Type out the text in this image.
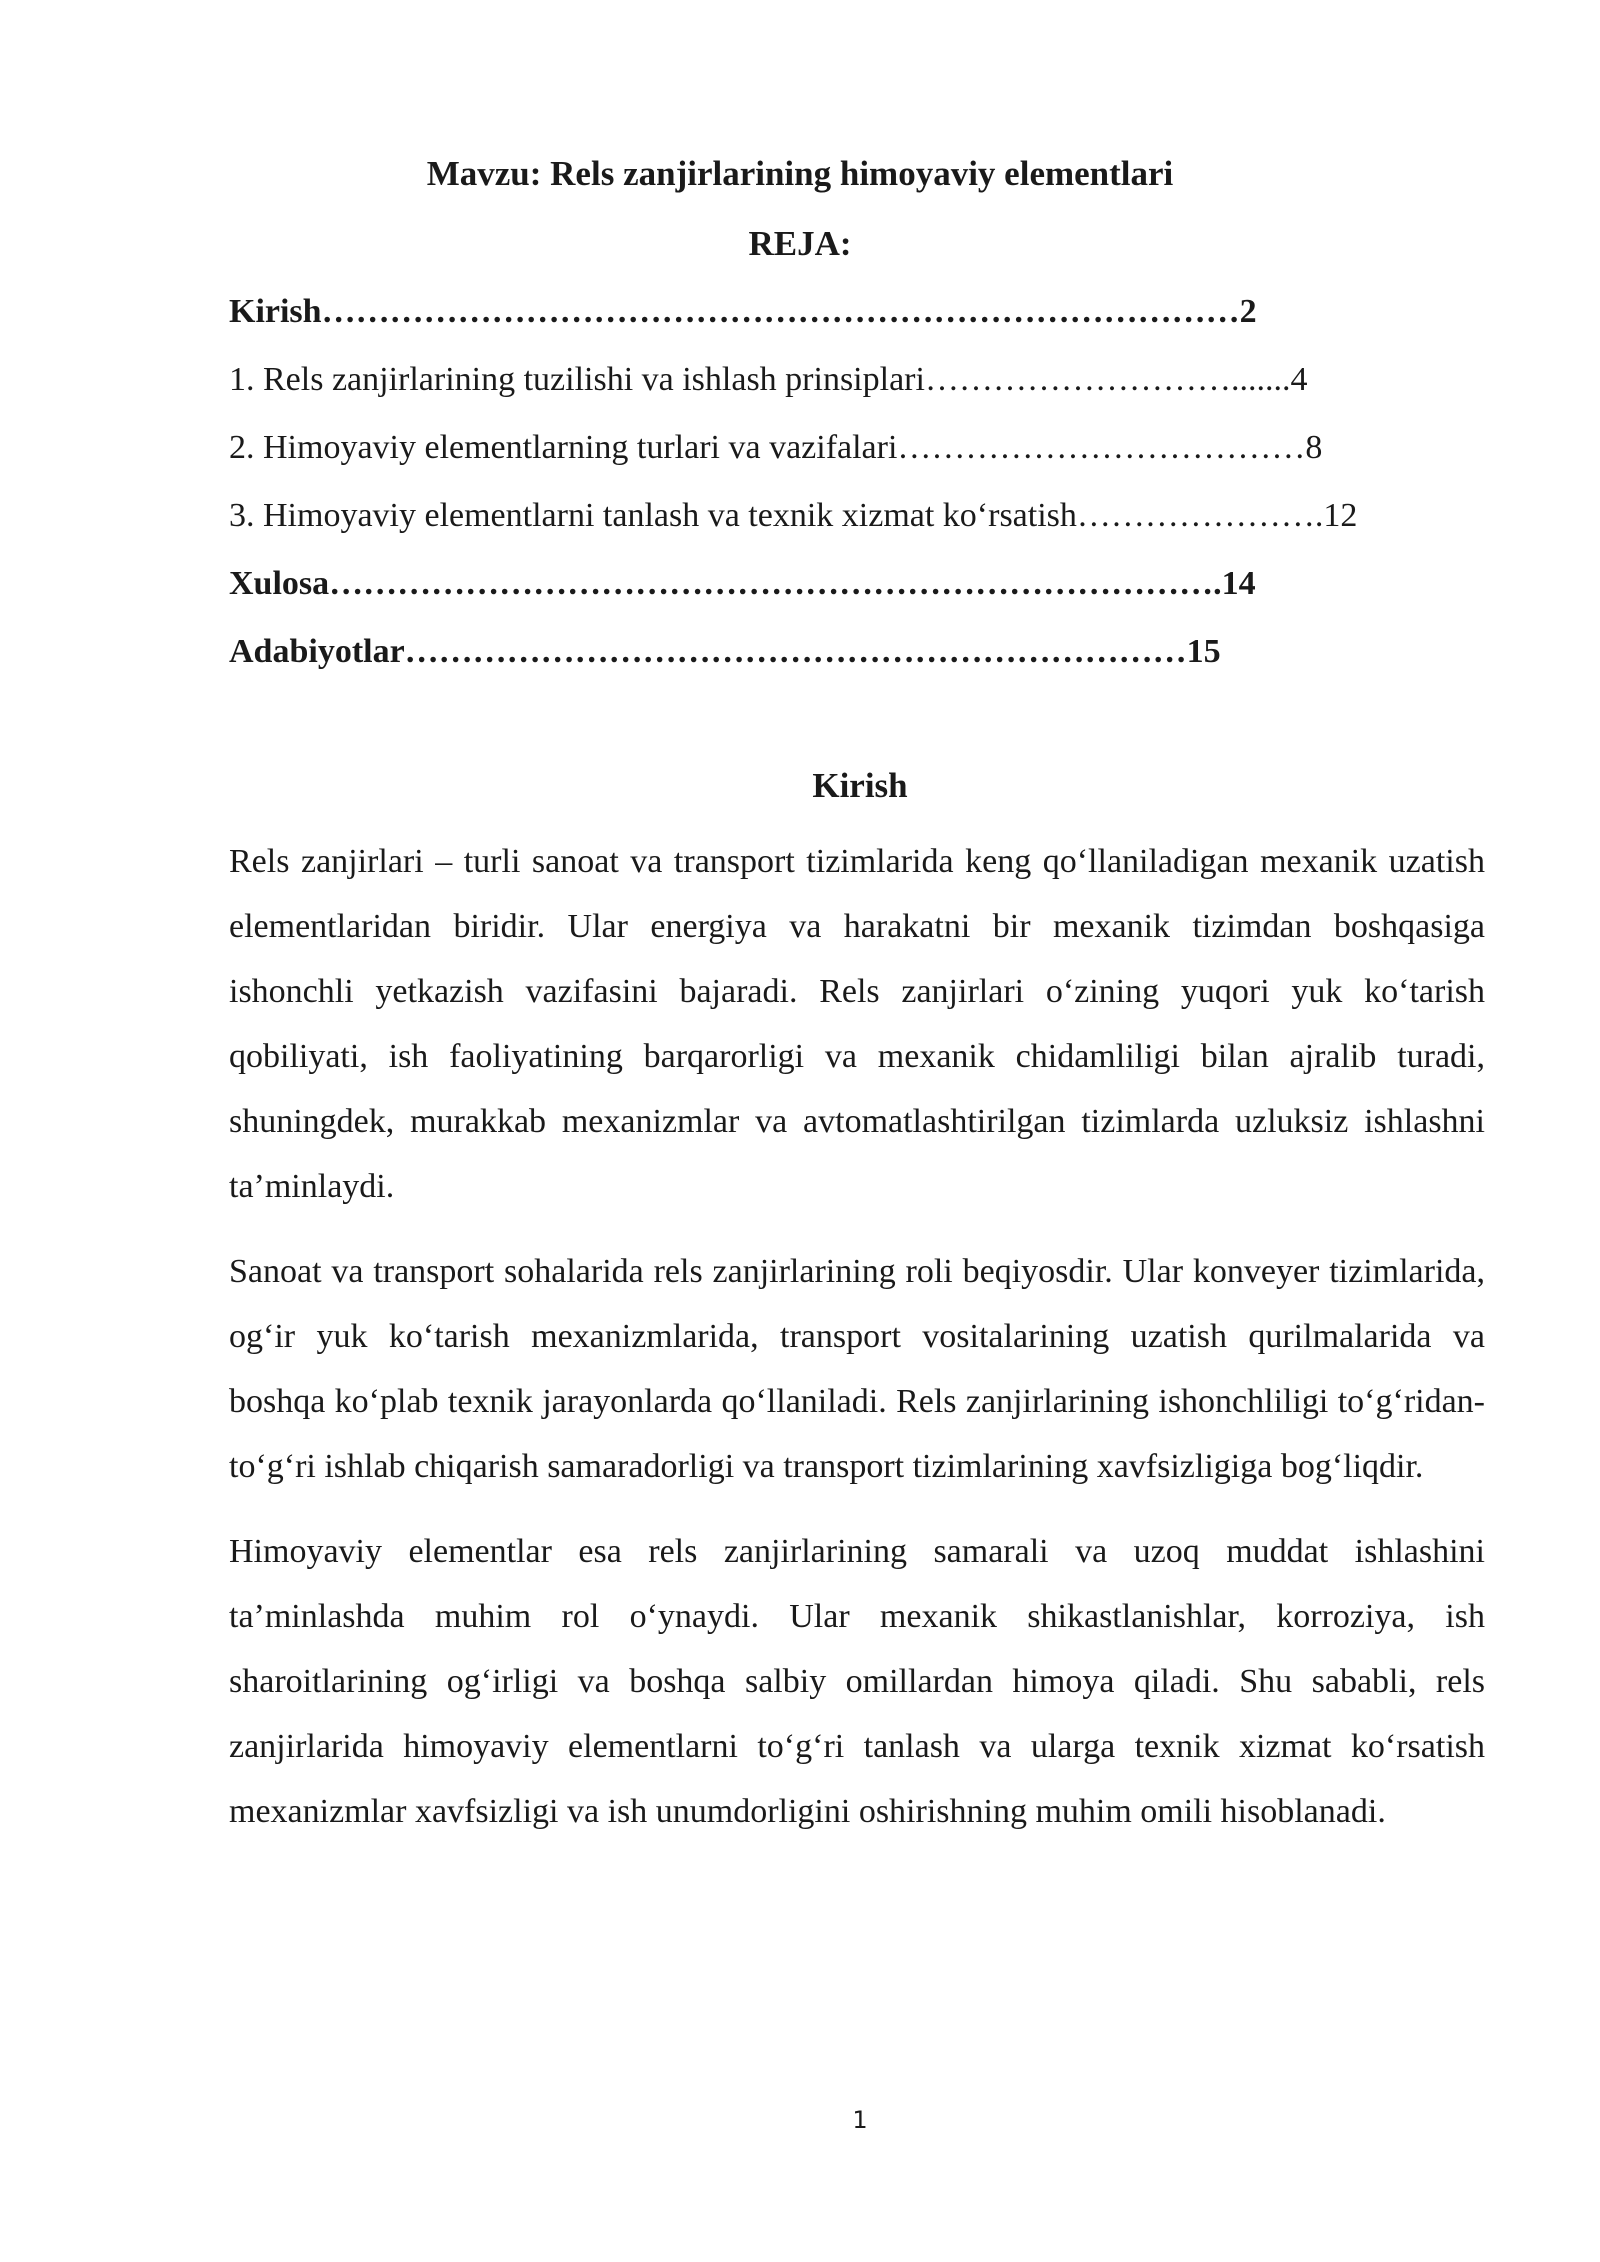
Mavzu: Rels zanjirlarining himoyaviy elementlari
REJA:
Kirish………………………………………………………………………2
1. Rels zanjirlarining tuzilishi va ishlash prinsiplari……………………….......4
2. Himoyaviy elementlarning turlari va vazifalari………………………………8
3. Himoyaviy elementlarni tanlash va texnik xizmat ko‘rsatish………………….12
Xulosa…………………………………………………………………….14
Adabiyotlar……………………………………………………………15
Kirish

Rels zanjirlari – turli sanoat va transport tizimlarida keng qo‘llaniladigan mexanik uzatish elementlaridan biridir. Ular energiya va harakatni bir mexanik tizimdan boshqasiga ishonchli yetkazish vazifasini bajaradi. Rels zanjirlari o‘zining yuqori yuk ko‘tarish qobiliyati, ish faoliyatining barqarorligi va mexanik chidamliligi bilan ajralib turadi, shuningdek, murakkab mexanizmlar va avtomatlashtirilgan tizimlarda uzluksiz ishlashni ta’minlaydi.

Sanoat va transport sohalarida rels zanjirlarining roli beqiyosdir. Ular konveyer tizimlarida, og‘ir yuk ko‘tarish mexanizmlarida, transport vositalarining uzatish qurilmalarida va boshqa ko‘plab texnik jarayonlarda qo‘llaniladi. Rels zanjirlarining ishonchliligi to‘g‘ridan-to‘g‘ri ishlab chiqarish samaradorligi va transport tizimlarining xavfsizligiga bog‘liqdir.

Himoyaviy elementlar esa rels zanjirlarining samarali va uzoq muddat ishlashini ta’minlashda muhim rol o‘ynaydi. Ular mexanik shikastlanishlar, korroziya, ish sharoitlarining og‘irligi va boshqa salbiy omillardan himoya qiladi. Shu sababli, rels zanjirlarida himoyaviy elementlarni to‘g‘ri tanlash va ularga texnik xizmat ko‘rsatish mexanizmlar xavfsizligi va ish unumdorligini oshirishning muhim omili hisoblanadi.

1
